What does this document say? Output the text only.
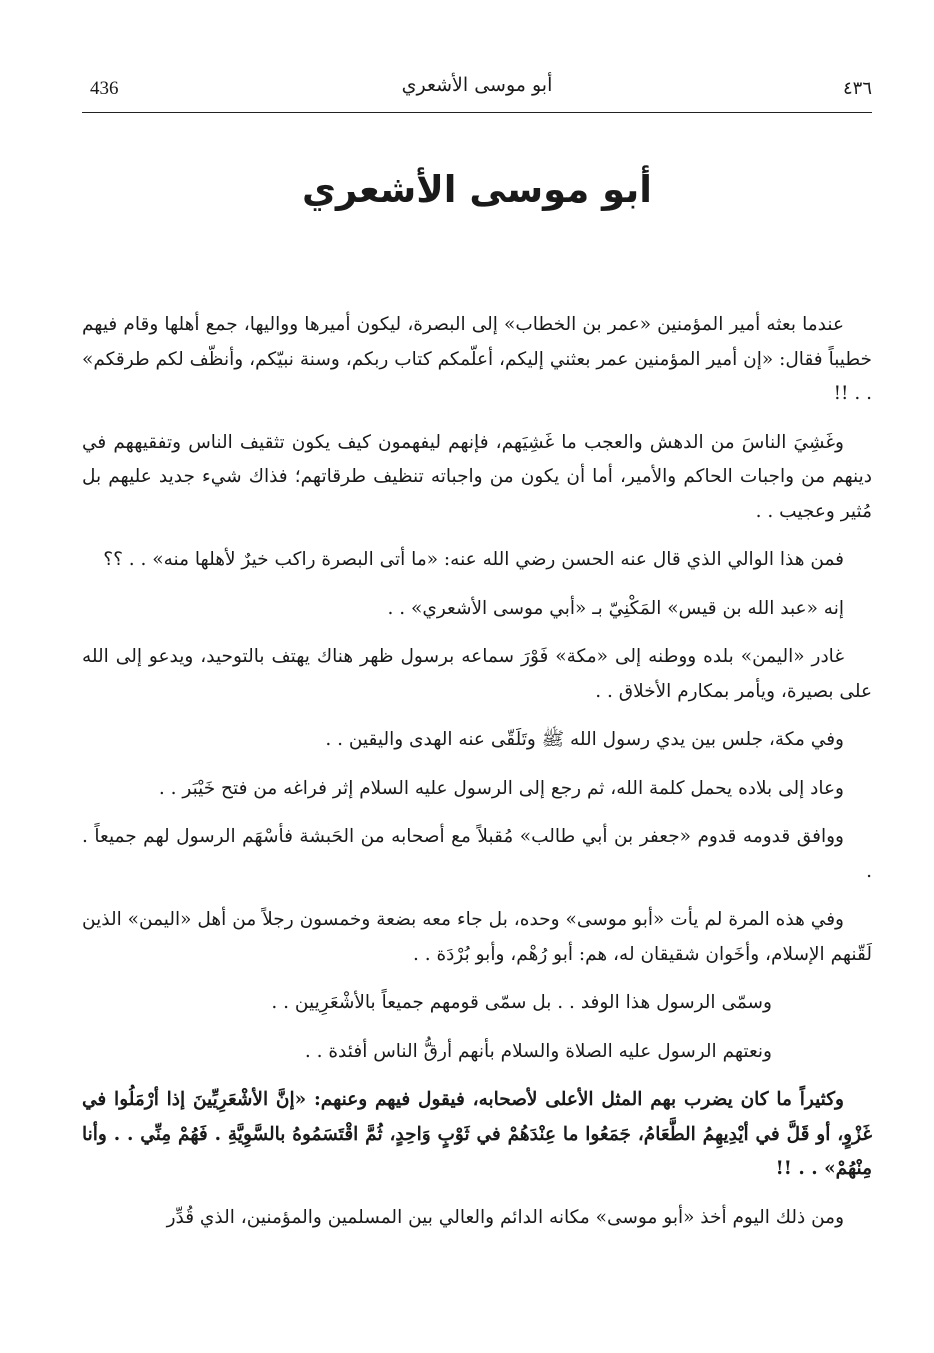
436	أبو موسى الأشعري	٤٣٦
أبو موسى الأشعري

عندما بعثه أمير المؤمنين «عمر بن الخطاب» إلى البصرة، ليكون أميرها وواليها، جمع أهلها وقام فيهم خطيباً فقال: «إن أمير المؤمنين عمر بعثني إليكم، أعلّمكم كتاب ربكم، وسنة نبيّكم، وأنظّف لكم طرقكم» . . !!

وغَشِيَ الناسَ من الدهش والعجب ما غَشِيَهم، فإنهم ليفهمون كيف يكون تثقيف الناس وتفقيههم في دينهم من واجبات الحاكم والأمير، أما أن يكون من واجباته تنظيف طرقاتهم؛ فذاك شيء جديد عليهم بل مُثير وعجيب . .

فمن هذا الوالي الذي قال عنه الحسن رضي الله عنه: «ما أتى البصرة راكب خيرٌ لأهلها منه» . . ؟؟

إنه «عبد الله بن قيس» المَكْنِيّ بـ «أبي موسى الأشعري» . .

غادر «اليمن» بلده ووطنه إلى «مكة» فَوْرَ سماعه برسول ظهر هناك يهتف بالتوحيد، ويدعو إلى الله على بصيرة، ويأمر بمكارم الأخلاق . .

وفي مكة، جلس بين يدي رسول الله ﷺ وتَلَقّى عنه الهدى واليقين . .

وعاد إلى بلاده يحمل كلمة الله، ثم رجع إلى الرسول عليه السلام إثر فراغه من فتح خَيْبَر . .

ووافق قدومه قدوم «جعفر بن أبي طالب» مُقبلاً مع أصحابه من الحَبشة فأسْهَم الرسول لهم جميعاً . .

وفي هذه المرة لم يأت «أبو موسى» وحده، بل جاء معه بضعة وخمسون رجلاً من أهل «اليمن» الذين لَقّنهم الإسلام، وأخَوان شقيقان له، هم: أبو رُهْم، وأبو بُرْدَة . .

وسمّى الرسول هذا الوفد . . بل سمّى قومهم جميعاً بالأشْعَرِيين . .

ونعتهم الرسول عليه الصلاة والسلام بأنهم أرقُّ الناس أفئدة . .

وكثيراً ما كان يضرب بهم المثل الأعلى لأصحابه، فيقول فيهم وعنهم: «إنَّ الأشْعَرِيِّينَ إذا أرْمَلُوا في غَزْوٍ، أو قَلَّ في أيْدِيهِمُ الطَّعَامُ، جَمَعُوا ما عِنْدَهُمْ في ثَوْبٍ وَاحِدٍ، ثُمَّ اقْتَسَمُوهُ بالسَّوِيَّةِ . فَهُمْ مِنِّي . . وأنا مِنْهُمْ» . . !!

ومن ذلك اليوم أخذ «أبو موسى» مكانه الدائم والعالي بين المسلمين والمؤمنين، الذي قُدِّر
